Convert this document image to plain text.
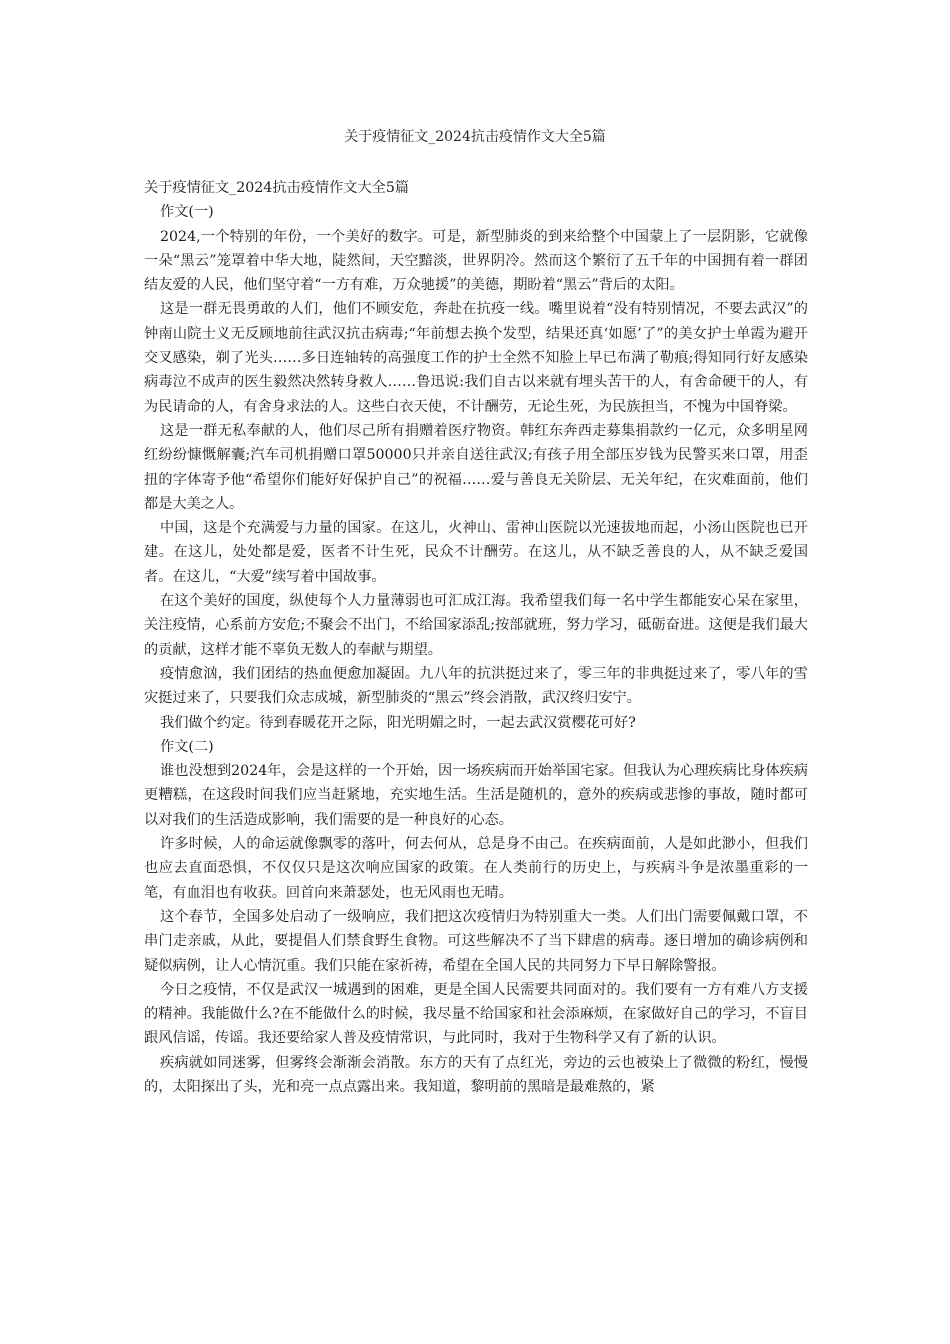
关于疫情征文_2024抗击疫情作文大全5篇

关于疫情征文_2024抗击疫情作文大全5篇

作文(一)

2024,一个特别的年份，一个美好的数字。可是，新型肺炎的到来给整个中国蒙上了一层阴影，它就像一朵“黑云”笼罩着中华大地，陡然间，天空黯淡，世界阴冷。然而这个繁衍了五千年的中国拥有着一群团结友爱的人民，他们坚守着“一方有难，万众驰援”的美德，期盼着“黑云”背后的太阳。

这是一群无畏勇敢的人们，他们不顾安危，奔赴在抗疫一线。嘴里说着“没有特别情况，不要去武汉”的钟南山院士义无反顾地前往武汉抗击病毒;“年前想去换个发型，结果还真‘如愿’了”的美女护士单霞为避开交叉感染，剃了光头……多日连轴转的高强度工作的护士全然不知脸上早已布满了勒痕;得知同行好友感染病毒泣不成声的医生毅然决然转身救人……鲁迅说:我们自古以来就有埋头苦干的人，有舍命硬干的人，有为民请命的人，有舍身求法的人。这些白衣天使，不计酬劳，无论生死，为民族担当，不愧为中国脊梁。

这是一群无私奉献的人，他们尽己所有捐赠着医疗物资。韩红东奔西走募集捐款约一亿元，众多明星网红纷纷慷慨解囊;汽车司机捐赠口罩50000只并亲自送往武汉;有孩子用全部压岁钱为民警买来口罩，用歪扭的字体寄予他“希望你们能好好保护自己”的祝福……爱与善良无关阶层、无关年纪，在灾难面前，他们都是大美之人。

中国，这是个充满爱与力量的国家。在这儿，火神山、雷神山医院以光速拔地而起，小汤山医院也已开建。在这儿，处处都是爱，医者不计生死，民众不计酬劳。在这儿，从不缺乏善良的人，从不缺乏爱国者。在这儿，“大爱”续写着中国故事。

在这个美好的国度，纵使每个人力量薄弱也可汇成江海。我希望我们每一名中学生都能安心呆在家里，关注疫情，心系前方安危;不聚会不出门，不给国家添乱;按部就班，努力学习，砥砺奋进。这便是我们最大的贡献，这样才能不辜负无数人的奉献与期望。

疫情愈汹，我们团结的热血便愈加凝固。九八年的抗洪挺过来了，零三年的非典挺过来了，零八年的雪灾挺过来了，只要我们众志成城，新型肺炎的“黑云”终会消散，武汉终归安宁。

我们做个约定。待到春暖花开之际，阳光明媚之时，一起去武汉赏樱花可好?

作文(二)

谁也没想到2024年，会是这样的一个开始，因一场疾病而开始举国宅家。但我认为心理疾病比身体疾病更糟糕，在这段时间我们应当赶紧地，充实地生活。生活是随机的，意外的疾病或悲惨的事故，随时都可以对我们的生活造成影响，我们需要的是一种良好的心态。

许多时候，人的命运就像飘零的落叶，何去何从，总是身不由己。在疾病面前，人是如此渺小，但我们也应去直面恐惧，不仅仅只是这次响应国家的政策。在人类前行的历史上，与疾病斗争是浓墨重彩的一笔，有血泪也有收获。回首向来萧瑟处，也无风雨也无晴。

这个春节，全国多处启动了一级响应，我们把这次疫情归为特别重大一类。人们出门需要佩戴口罩，不串门走亲戚，从此，要提倡人们禁食野生食物。可这些解决不了当下肆虐的病毒。逐日增加的确诊病例和疑似病例，让人心情沉重。我们只能在家祈祷，希望在全国人民的共同努力下早日解除警报。

今日之疫情，不仅是武汉一城遇到的困难，更是全国人民需要共同面对的。我们要有一方有难八方支援的精神。我能做什么?在不能做什么的时候，我尽量不给国家和社会添麻烦，在家做好自己的学习，不盲目跟风信谣，传谣。我还要给家人普及疫情常识，与此同时，我对于生物科学又有了新的认识。

疾病就如同迷雾，但雾终会渐渐会消散。东方的天有了点红光，旁边的云也被染上了微微的粉红，慢慢的，太阳探出了头，光和亮一点点露出来。我知道，黎明前的黑暗是最难熬的，紧
